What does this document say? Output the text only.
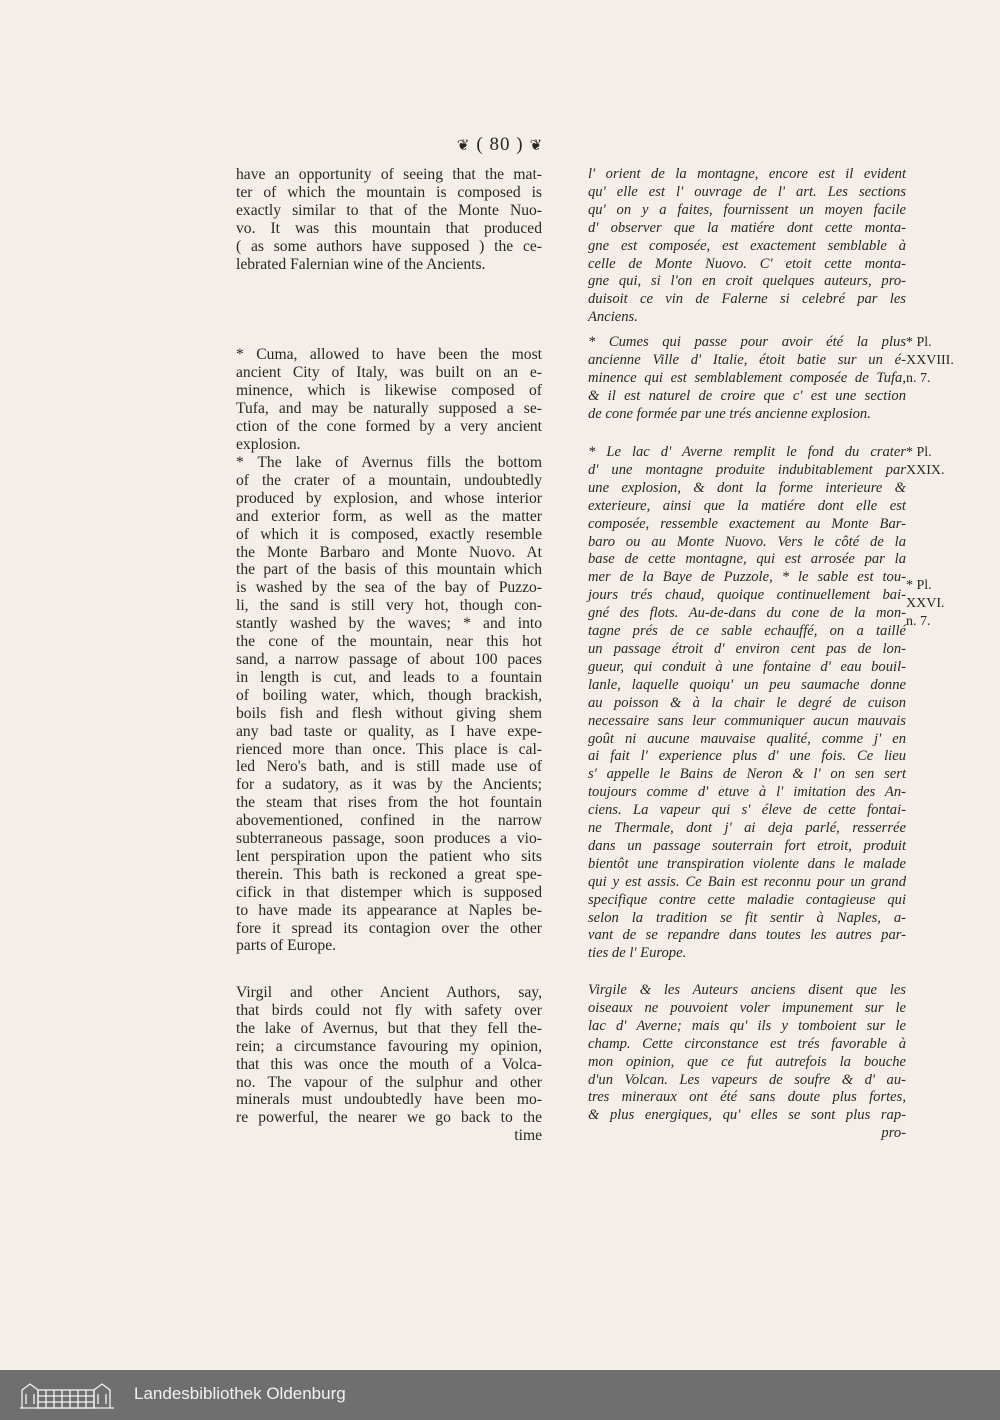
❦ ( 80 ) ❦
have an opportunity of seeing that the mat-
ter of which the mountain is composed is
exactly similar to that of the Monte Nuo-
vo. It was this mountain that produced
( as some authors have supposed ) the ce-
lebrated Falernian wine of the Ancients.
* Cuma, allowed to have been the most
ancient City of Italy, was built on an e-
minence, which is likewise composed of
Tufa, and may be naturally supposed a se-
ction of the cone formed by a very ancient
explosion.
* The lake of Avernus fills the bottom
of the crater of a mountain, undoubtedly
produced by explosion, and whose interior
and exterior form, as well as the matter
of which it is composed, exactly resemble
the Monte Barbaro and Monte Nuovo. At
the part of the basis of this mountain which
is washed by the sea of the bay of Puzzo-
li, the sand is still very hot, though con-
stantly washed by the waves; * and into
the cone of the mountain, near this hot
sand, a narrow passage of about 100 paces
in length is cut, and leads to a fountain
of boiling water, which, though brackish,
boils fish and flesh without giving shem
any bad taste or quality, as I have expe-
rienced more than once. This place is cal-
led Nero's bath, and is still made use of
for a sudatory, as it was by the Ancients;
the steam that rises from the hot fountain
abovementioned, confined in the narrow
subterraneous passage, soon produces a vio-
lent perspiration upon the patient who sits
therein. This bath is reckoned a great spe-
cifick in that distemper which is supposed
to have made its appearance at Naples be-
fore it spread its contagion over the other
parts of Europe.
Virgil and other Ancient Authors, say,
that birds could not fly with safety over
the lake of Avernus, but that they fell the-
rein; a circumstance favouring my opinion,
that this was once the mouth of a Volca-
no. The vapour of the sulphur and other
minerals must undoubtedly have been mo-
re powerful, the nearer we go back to the
time
l' orient de la montagne, encore est il evident
qu' elle est l' ouvrage de l' art. Les sections
qu' on y a faites, fournissent un moyen facile
d' observer que la matiére dont cette monta-
gne est composée, est exactement semblable à
celle de Monte Nuovo. C' etoit cette monta-
gne qui, si l'on en croit quelques auteurs, pro-
duisoit ce vin de Falerne si celebré par les
Anciens.
* Cumes qui passe pour avoir été la plus
ancienne Ville d' Italie, étoit batie sur un é-
minence qui est semblablement composée de Tufa,
& il est naturel de croire que c' est une section
de cone formée par une trés ancienne explosion.
* Le lac d' Averne remplit le fond du crater
d' une montagne produite indubitablement par
une explosion, & dont la forme interieure &
exterieure, ainsi que la matiére dont elle est
composée, ressemble exactement au Monte Bar-
baro ou au Monte Nuovo. Vers le côté de la
base de cette montagne, qui est arrosée par la
mer de la Baye de Puzzole, * le sable est tou-
jours trés chaud, quoique continuellement bai-
gné des flots. Au-de-dans du cone de la mon-
tagne prés de ce sable echauffé, on a taillé
un passage étroit d' environ cent pas de lon-
gueur, qui conduit à une fontaine d' eau bouil-
lanle, laquelle quoiqu' un peu saumache donne
au poisson & à la chair le degré de cuison
necessaire sans leur communiquer aucun mauvais
goût ni aucune mauvaise qualité, comme j' en
ai fait l' experience plus d' une fois. Ce lieu
s' appelle le Bains de Neron & l' on sen sert
toujours comme d' etuve à l' imitation des An-
ciens. La vapeur qui s' éleve de cette fontai-
ne Thermale, dont j' ai deja parlé, resserrée
dans un passage souterrain fort etroit, produit
bientôt une transpiration violente dans le malade
qui y est assis. Ce Bain est reconnu pour un grand
specifique contre cette maladie contagieuse qui
selon la tradition se fit sentir à Naples, a-
vant de se repandre dans toutes les autres par-
ties de l' Europe.
Virgile & les Auteurs anciens disent que les
oiseaux ne pouvoient voler impunement sur le
lac d' Averne; mais qu' ils y tomboient sur le
champ. Cette circonstance est trés favorable à
mon opinion, que ce fut autrefois la bouche
d'un Volcan. Les vapeurs de soufre & d' au-
tres mineraux ont été sans doute plus fortes,
& plus energiques, qu' elles se sont plus rap-
pro-
* Pl.
XXVIII.
n. 7.
* Pl.
XXIX.
* Pl.
XXVI.
n. 7.
Landesbibliothek Oldenburg
